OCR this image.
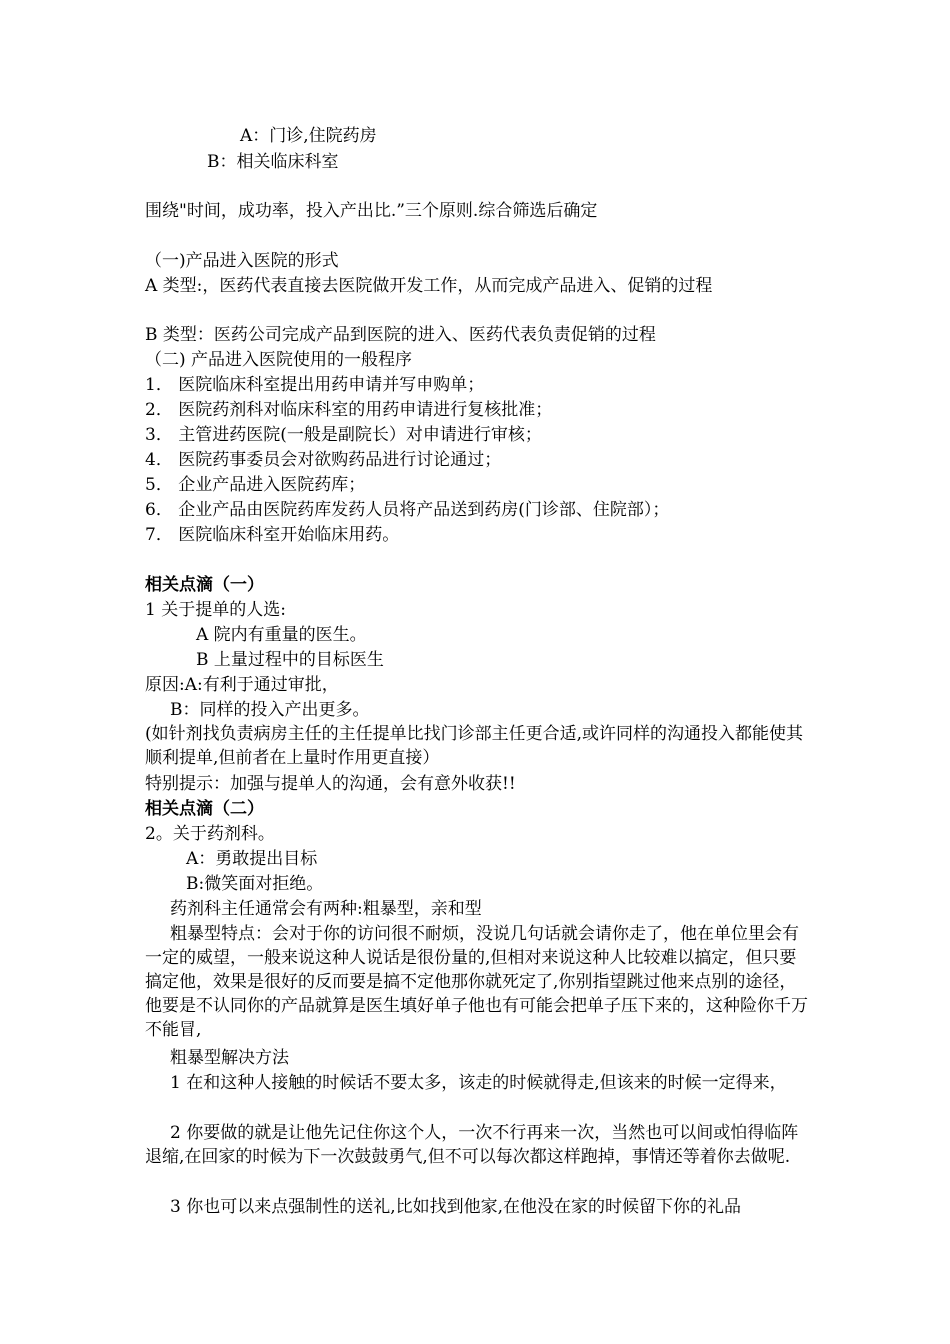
A：门诊,住院药房
B：相关临床科室
围绕"时间，成功率，投入产出比.”三个原则.综合筛选后确定
（一)产品进入医院的形式
A 类型:，医药代表直接去医院做开发工作，从而完成产品进入、促销的过程
B 类型：医药公司完成产品到医院的进入、医药代表负责促销的过程
（二) 产品进入医院使用的一般程序
1． 医院临床科室提出用药申请并写申购单；
2． 医院药剂科对临床科室的用药申请进行复核批准；
3． 主管进药医院(一般是副院长）对申请进行审核；
4． 医院药事委员会对欲购药品进行讨论通过；
5． 企业产品进入医院药库；
6． 企业产品由医院药库发药人员将产品送到药房(门诊部、住院部）；
7． 医院临床科室开始临床用药。
相关点滴（一）
1 关于提单的人选:
A 院内有重量的医生。
B 上量过程中的目标医生
原因:A:有利于通过审批，
B：同样的投入产出更多。
(如针剂找负责病房主任的主任提单比找门诊部主任更合适,或许同样的沟通投入都能使其顺利提单,但前者在上量时作用更直接）
特别提示：加强与提单人的沟通，会有意外收获!!
相关点滴（二）
2。关于药剂科。
A：勇敢提出目标
B:微笑面对拒绝。
药剂科主任通常会有两种:粗暴型，亲和型
粗暴型特点：会对于你的访问很不耐烦，没说几句话就会请你走了，他在单位里会有一定的威望，一般来说这种人说话是很份量的,但相对来说这种人比较难以搞定，但只要搞定他，效果是很好的反而要是搞不定他那你就死定了,你别指望跳过他来点别的途径，他要是不认同你的产品就算是医生填好单子他也有可能会把单子压下来的，这种险你千万不能冒,
粗暴型解决方法
1 在和这种人接触的时候话不要太多，该走的时候就得走,但该来的时候一定得来，
2 你要做的就是让他先记住你这个人，一次不行再来一次，当然也可以间或怕得临阵退缩,在回家的时候为下一次鼓鼓勇气,但不可以每次都这样跑掉，事情还等着你去做呢.
3 你也可以来点强制性的送礼,比如找到他家,在他没在家的时候留下你的礼品
